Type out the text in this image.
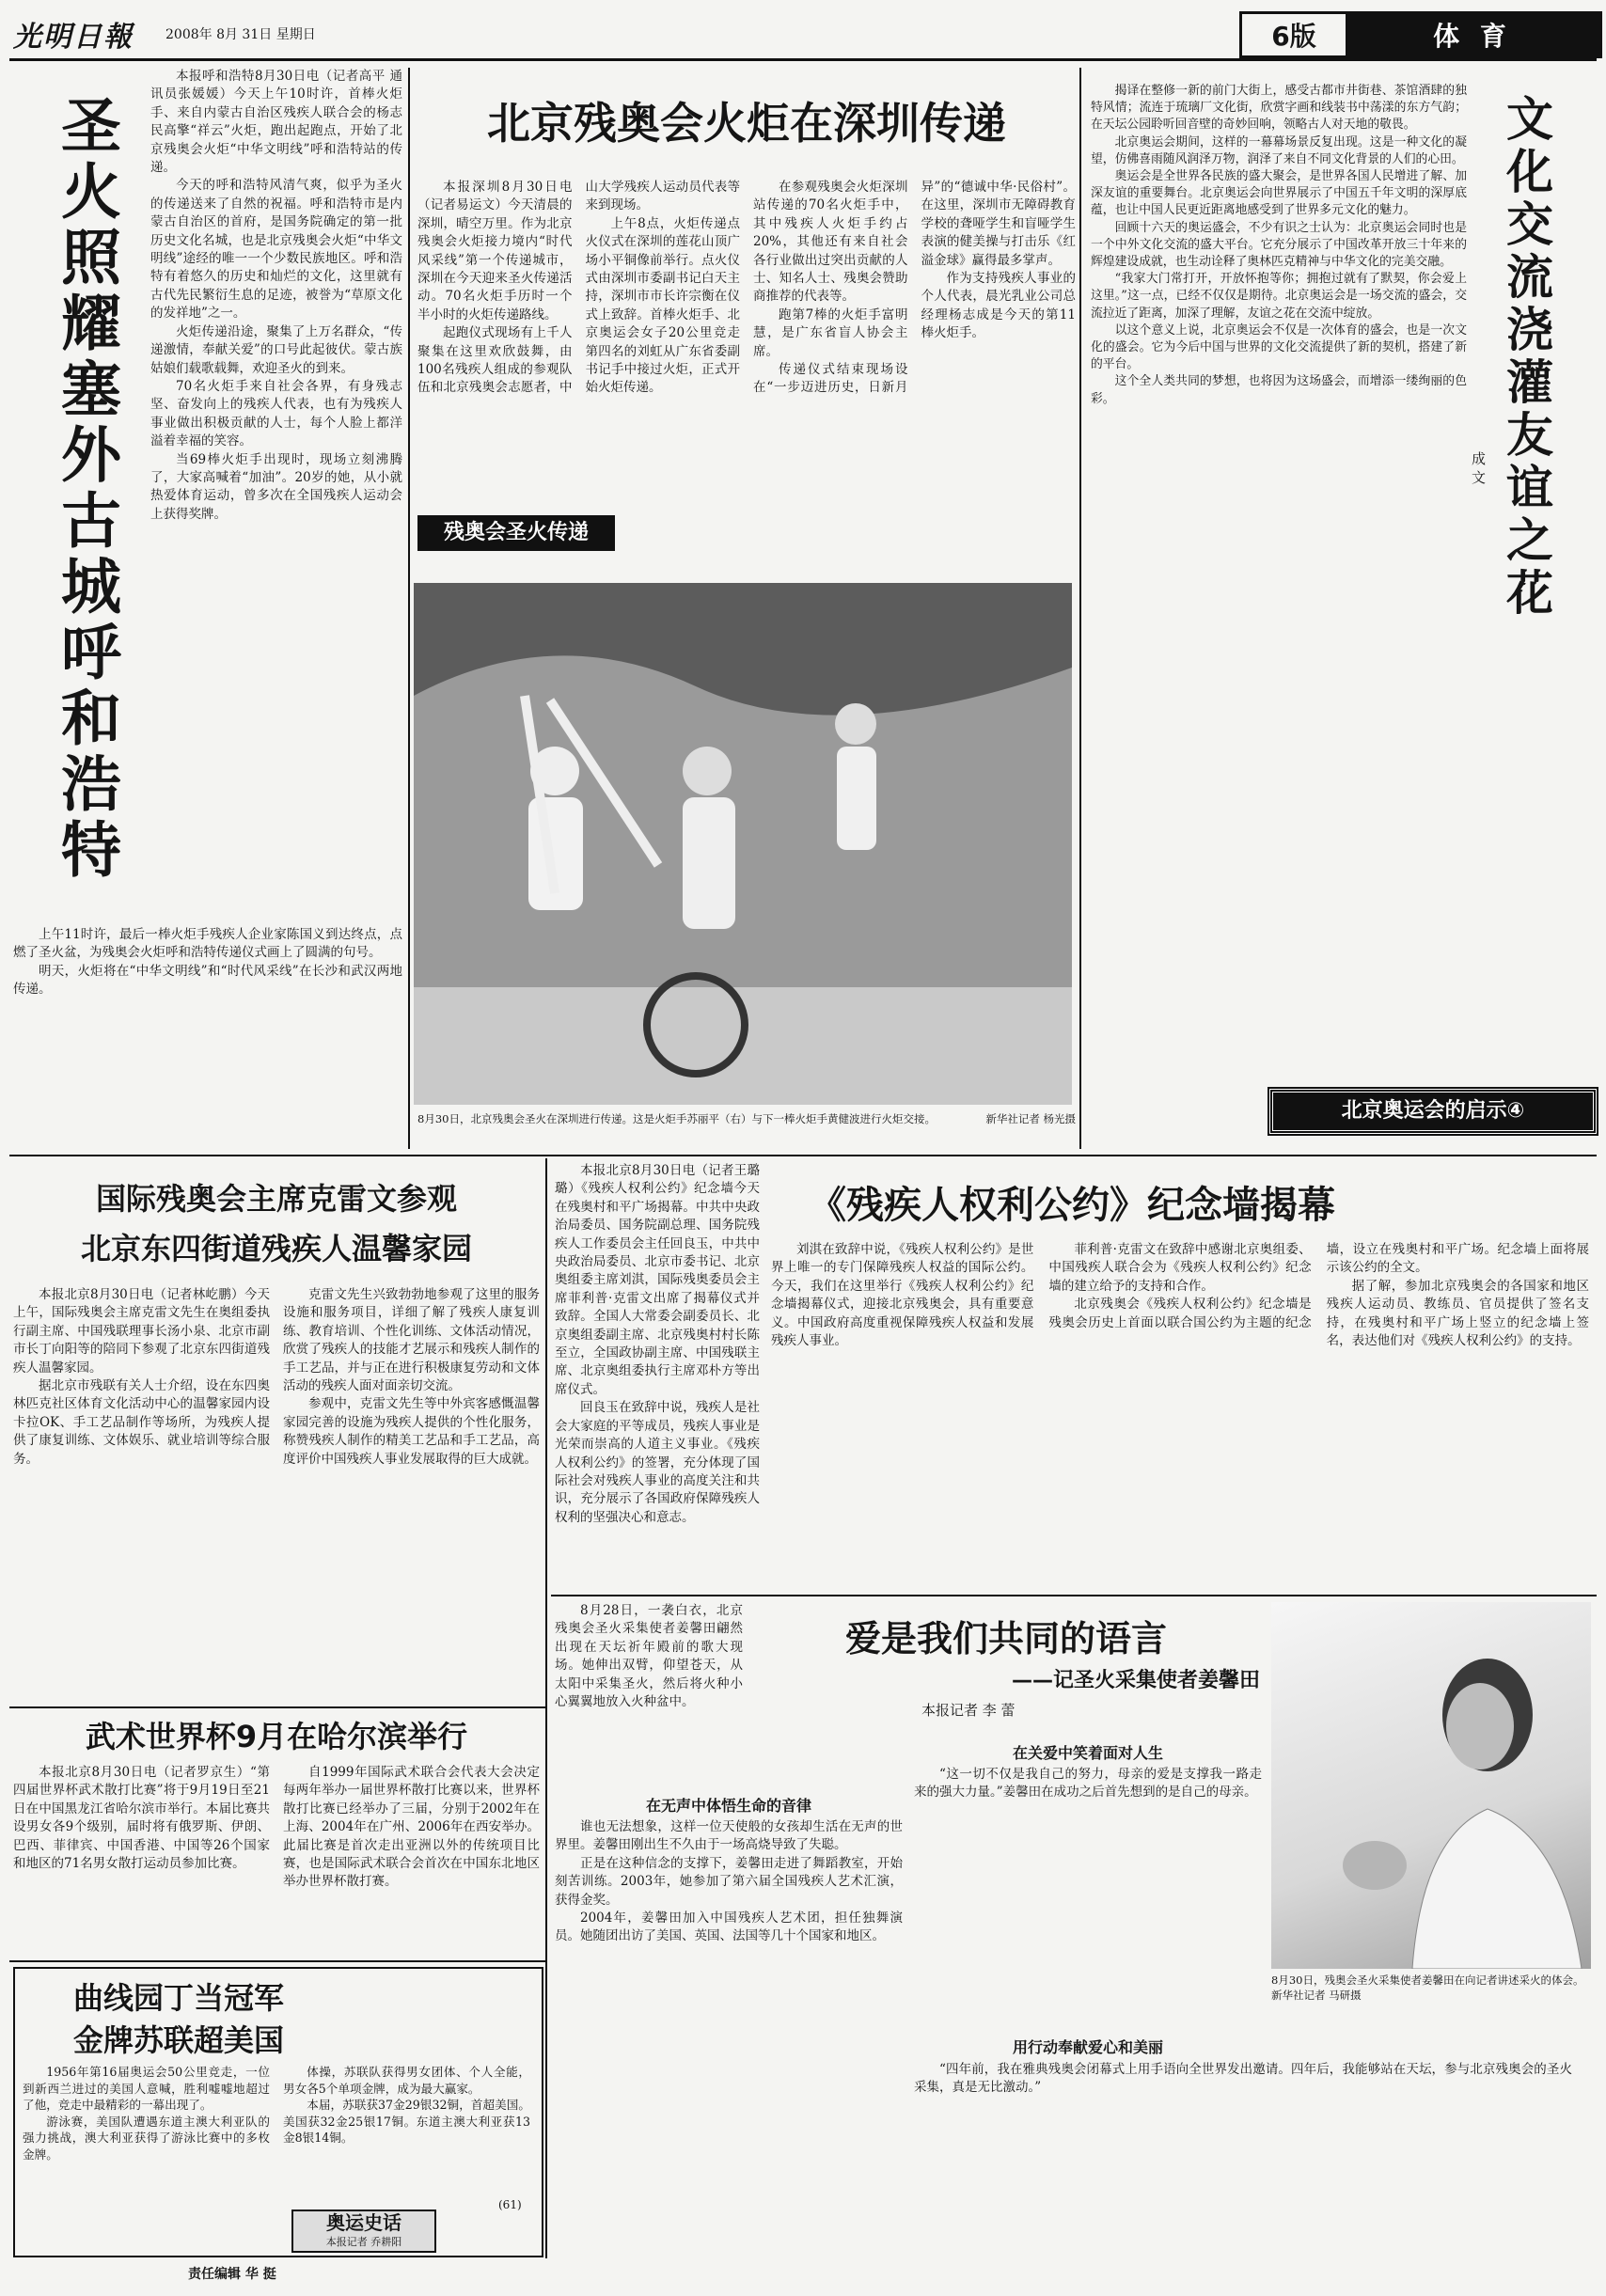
光明日報 2008年 8月 31日 星期日	6版	体 育
圣火照耀塞外古城呼和浩特

本报呼和浩特8月30日电（记者高平 通讯员张媛媛）今天上午10时许，首棒火炬手、来自内蒙古自治区残疾人联合会的杨志民高擎“祥云”火炬，跑出起跑点，开始了北京残奥会火炬“中华文明线”呼和浩特站的传递。

今天的呼和浩特风清气爽，似乎为圣火的传递送来了自然的祝福。呼和浩特市是内蒙古自治区的首府，是国务院确定的第一批历史文化名城，也是北京残奥会火炬“中华文明线”途经的唯一一个少数民族地区。呼和浩特有着悠久的历史和灿烂的文化，这里就有古代先民繁衍生息的足迹，被誉为“草原文化的发祥地”之一。

火炬传递沿途，聚集了上万名群众，“传递激情，奉献关爱”的口号此起彼伏。蒙古族姑娘们载歌载舞，欢迎圣火的到来。

70名火炬手来自社会各界，有身残志坚、奋发向上的残疾人代表，也有为残疾人事业做出积极贡献的人士，每个人脸上都洋溢着幸福的笑容。

当69棒火炬手出现时，现场立刻沸腾了，大家高喊着“加油”。20岁的她，从小就热爱体育运动，曾多次在全国残疾人运动会上获得奖牌。

上午11时许，最后一棒火炬手残疾人企业家陈国义到达终点，点燃了圣火盆，为残奥会火炬呼和浩特传递仪式画上了圆满的句号。

明天，火炬将在“中华文明线”和“时代风采线”在长沙和武汉两地传递。

北京残奥会火炬在深圳传递

本报深圳8月30日电（记者易运文）今天清晨的深圳，晴空万里。作为北京残奥会火炬接力境内“时代风采线”第一个传递城市，深圳在今天迎来圣火传递活动。70名火炬手历时一个半小时的火炬传递路线。

起跑仪式现场有上千人聚集在这里欢欣鼓舞，由100名残疾人组成的参观队伍和北京残奥会志愿者，中山大学残疾人运动员代表等来到现场。

上午8点，火炬传递点火仪式在深圳的莲花山顶广场小平铜像前举行。点火仪式由深圳市委副书记白天主持，深圳市市长许宗衡在仪式上致辞。首棒火炬手、北京奥运会女子20公里竞走第四名的刘虹从广东省委副书记手中接过火炬，正式开始火炬传递。

在参观残奥会火炬深圳站传递的70名火炬手中，其中残疾人火炬手约占20%，其他还有来自社会各行业做出过突出贡献的人士、知名人士、残奥会赞助商推荐的代表等。

跑第7棒的火炬手富明慧，是广东省盲人协会主席。

传递仪式结束现场设在“一步迈进历史，日新月异”的“德诚中华·民俗村”。在这里，深圳市无障碍教育学校的聋哑学生和盲哑学生表演的健美操与打击乐《红溢金球》赢得最多掌声。

作为支持残疾人事业的个人代表，晨光乳业公司总经理杨志成是今天的第11棒火炬手。

残奥会圣火传递
8月30日，北京残奥会圣火在深圳进行传递。这是火炬手苏丽平（右）与下一棒火炬手黄健波进行火炬交接。	新华社记者 杨光摄

揭译在整修一新的前门大街上，感受古都市井街巷、茶馆酒肆的独特风情；流连于琉璃厂文化街，欣赏字画和线装书中荡漾的东方气韵；在天坛公园聆听回音壁的奇妙回响，领略古人对天地的敬畏。

北京奥运会期间，这样的一幕幕场景反复出现。这是一种文化的凝望，仿佛喜雨随风润泽万物，润泽了来自不同文化背景的人们的心田。

奥运会是全世界各民族的盛大聚会，是世界各国人民增进了解、加深友谊的重要舞台。北京奥运会向世界展示了中国五千年文明的深厚底蕴，也让中国人民更近距离地感受到了世界多元文化的魅力。

回顾十六天的奥运盛会，不少有识之士认为：北京奥运会同时也是一个中外文化交流的盛大平台。它充分展示了中国改革开放三十年来的辉煌建设成就，也生动诠释了奥林匹克精神与中华文化的完美交融。

“我家大门常打开，开放怀抱等你；拥抱过就有了默契，你会爱上这里。”这一点，已经不仅仅是期待。北京奥运会是一场交流的盛会，交流拉近了距离，加深了理解，友谊之花在交流中绽放。

以这个意义上说，北京奥运会不仅是一次体育的盛会，也是一次文化的盛会。它为今后中国与世界的文化交流提供了新的契机，搭建了新的平台。

这个全人类共同的梦想，也将因为这场盛会，而增添一缕绚丽的色彩。	文化交流浇灌友谊之花
成 文
北京奥运会的启示④
国际残奥会主席克雷文参观
北京东四街道残疾人温馨家园

本报北京8月30日电（记者林屹鹏）今天上午，国际残奥会主席克雷文先生在奥组委执行副主席、中国残联理事长汤小泉、北京市副市长丁向阳等的陪同下参观了北京东四街道残疾人温馨家园。

据北京市残联有关人士介绍，设在东四奥林匹克社区体育文化活动中心的温馨家园内设卡拉OK、手工艺品制作等场所，为残疾人提供了康复训练、文体娱乐、就业培训等综合服务。

克雷文先生兴致勃勃地参观了这里的服务设施和服务项目，详细了解了残疾人康复训练、教育培训、个性化训练、文体活动情况，欣赏了残疾人的技能才艺展示和残疾人制作的手工艺品，并与正在进行积极康复劳动和文体活动的残疾人面对面亲切交流。

参观中，克雷文先生等中外宾客感慨温馨家园完善的设施为残疾人提供的个性化服务，称赞残疾人制作的精美工艺品和手工艺品，高度评价中国残疾人事业发展取得的巨大成就。

武术世界杯9月在哈尔滨举行

本报北京8月30日电（记者罗京生）“第四届世界杯武术散打比赛”将于9月19日至21日在中国黑龙江省哈尔滨市举行。本届比赛共设男女各9个级别，届时将有俄罗斯、伊朗、巴西、菲律宾、中国香港、中国等26个国家和地区的71名男女散打运动员参加比赛。

自1999年国际武术联合会代表大会决定每两年举办一届世界杯散打比赛以来，世界杯散打比赛已经举办了三届，分别于2002年在上海、2004年在广州、2006年在西安举办。此届比赛是首次走出亚洲以外的传统项目比赛，也是国际武术联合会首次在中国东北地区举办世界杯散打赛。

曲线园丁当冠军
金牌苏联超美国

1956年第16届奥运会50公里竞走，一位到新西兰进过的美国人意喊，胜利嘘嘘地超过了他，竞走中最精彩的一幕出现了。

游泳赛，美国队遭遇东道主澳大利亚队的强力挑战，澳大利亚获得了游泳比赛中的多枚金牌。

体操，苏联队获得男女团体、个人全能，男女各5个单项金牌，成为最大赢家。

本届，苏联获37金29银32铜，首超美国。美国获32金25银17铜。东道主澳大利亚获13金8银14铜。

(61)
奥运史话
本报记者 乔耕阳
责任编辑 华 挺
《残疾人权利公约》纪念墙揭幕

本报北京8月30日电（记者王璐璐）《残疾人权利公约》纪念墙今天在残奥村和平广场揭幕。中共中央政治局委员、国务院副总理、国务院残疾人工作委员会主任回良玉，中共中央政治局委员、北京市委书记、北京奥组委主席刘淇，国际残奥委员会主席菲利普·克雷文出席了揭幕仪式并致辞。全国人大常委会副委员长、北京奥组委副主席、北京残奥村村长陈至立，全国政协副主席、中国残联主席、北京奥组委执行主席邓朴方等出席仪式。

回良玉在致辞中说，残疾人是社会大家庭的平等成员，残疾人事业是光荣而崇高的人道主义事业。《残疾人权利公约》的签署，充分体现了国际社会对残疾人事业的高度关注和共识，充分展示了各国政府保障残疾人权利的坚强决心和意志。

刘淇在致辞中说，《残疾人权利公约》是世界上唯一的专门保障残疾人权益的国际公约。今天，我们在这里举行《残疾人权利公约》纪念墙揭幕仪式，迎接北京残奥会，具有重要意义。中国政府高度重视保障残疾人权益和发展残疾人事业。

菲利普·克雷文在致辞中感谢北京奥组委、中国残疾人联合会为《残疾人权利公约》纪念墙的建立给予的支持和合作。

北京残奥会《残疾人权利公约》纪念墙是残奥会历史上首面以联合国公约为主题的纪念墙，设立在残奥村和平广场。纪念墙上面将展示该公约的全文。

据了解，参加北京残奥会的各国家和地区残疾人运动员、教练员、官员提供了签名支持，在残奥村和平广场上竖立的纪念墙上签名，表达他们对《残疾人权利公约》的支持。

8月28日，一袭白衣，北京残奥会圣火采集使者姜馨田翩然出现在天坛祈年殿前的歌大现场。她伸出双臂，仰望苍天，从太阳中采集圣火，然后将火种小心翼翼地放入火种盆中。

爱是我们共同的语言
——记圣火采集使者姜馨田
本报记者 李 蕾
在无声中体悟生命的音律

谁也无法想象，这样一位天使般的女孩却生活在无声的世界里。姜馨田刚出生不久由于一场高烧导致了失聪。

正是在这种信念的支撑下，姜馨田走进了舞蹈教室，开始刻苦训练。2003年，她参加了第六届全国残疾人艺术汇演，获得金奖。

2004年，姜馨田加入中国残疾人艺术团，担任独舞演员。她随团出访了美国、英国、法国等几十个国家和地区。

在关爱中笑着面对人生

“这一切不仅是我自己的努力，母亲的爱是支撑我一路走来的强大力量。”姜馨田在成功之后首先想到的是自己的母亲。

用行动奉献爱心和美丽

“四年前，我在雅典残奥会闭幕式上用手语向全世界发出邀请。四年后，我能够站在天坛，参与北京残奥会的圣火采集，真是无比激动。”

8月30日，残奥会圣火采集使者姜馨田在向记者讲述采火的体会。 新华社记者 马研摄
